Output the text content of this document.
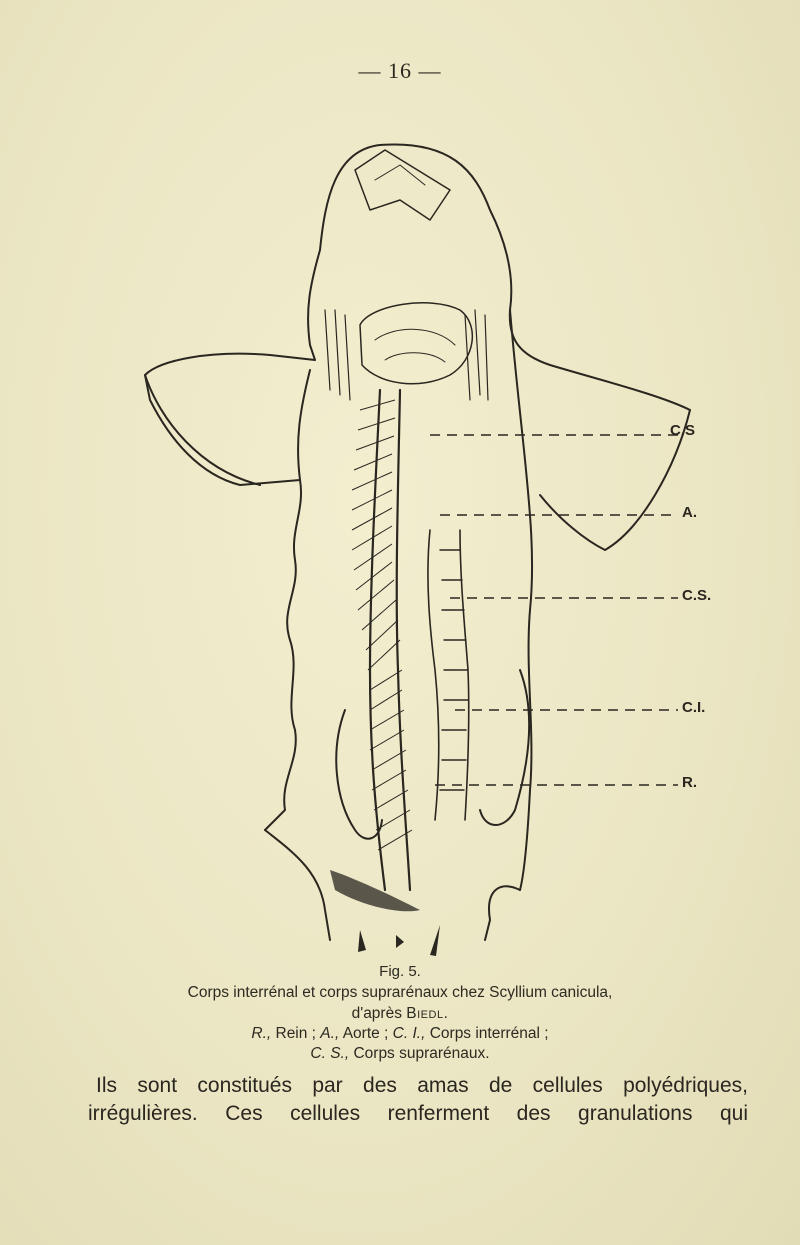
— 16 —
C.S
A.
C.S.
C.I.
R.
Fig. 5.
Corps interrénal et corps suprarénaux chez Scyllium canicula,
d'après Biedl.
R., Rein ; A., Aorte ; C. I., Corps interrénal ;
C. S., Corps suprarénaux.
Ils sont constitués par des amas de cellules polyédriques,
irrégulières. Ces cellules renferment des granulations qui
